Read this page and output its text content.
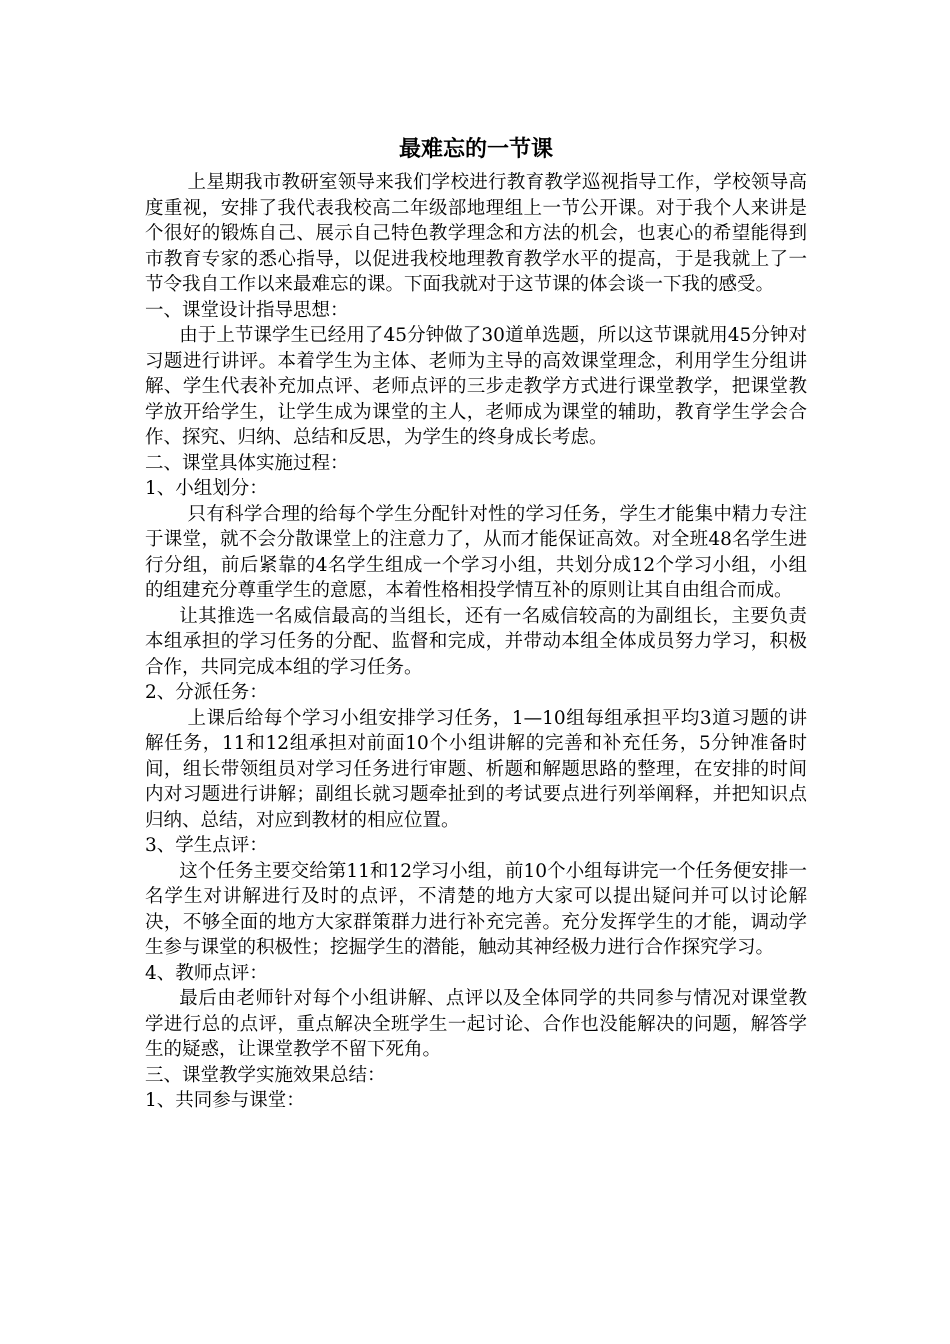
最难忘的一节课

上星期我市教研室领导来我们学校进行教育教学巡视指导工作，学校领导高度重视，安排了我代表我校高二年级部地理组上一节公开课。对于我个人来讲是个很好的锻炼自己、展示自己特色教学理念和方法的机会，也衷心的希望能得到市教育专家的悉心指导，以促进我校地理教育教学水平的提高，于是我就上了一节令我自工作以来最难忘的课。下面我就对于这节课的体会谈一下我的感受。

一、课堂设计指导思想：

由于上节课学生已经用了45分钟做了30道单选题，所以这节课就用45分钟对习题进行讲评。本着学生为主体、老师为主导的高效课堂理念，利用学生分组讲解、学生代表补充加点评、老师点评的三步走教学方式进行课堂教学，把课堂教学放开给学生，让学生成为课堂的主人，老师成为课堂的辅助，教育学生学会合作、探究、归纳、总结和反思，为学生的终身成长考虑。

二、课堂具体实施过程：

1、小组划分：

只有科学合理的给每个学生分配针对性的学习任务，学生才能集中精力专注于课堂，就不会分散课堂上的注意力了，从而才能保证高效。对全班48名学生进行分组，前后紧靠的4名学生组成一个学习小组，共划分成12个学习小组，小组的组建充分尊重学生的意愿，本着性格相投学情互补的原则让其自由组合而成。

让其推选一名威信最高的当组长，还有一名威信较高的为副组长，主要负责本组承担的学习任务的分配、监督和完成，并带动本组全体成员努力学习，积极合作，共同完成本组的学习任务。

2、分派任务：

上课后给每个学习小组安排学习任务，1—10组每组承担平均3道习题的讲解任务，11和12组承担对前面10个小组讲解的完善和补充任务，5分钟准备时间，组长带领组员对学习任务进行审题、析题和解题思路的整理，在安排的时间内对习题进行讲解；副组长就习题牵扯到的考试要点进行列举阐释，并把知识点归纳、总结，对应到教材的相应位置。

3、学生点评：

这个任务主要交给第11和12学习小组，前10个小组每讲完一个任务便安排一名学生对讲解进行及时的点评，不清楚的地方大家可以提出疑问并可以讨论解决，不够全面的地方大家群策群力进行补充完善。充分发挥学生的才能，调动学生参与课堂的积极性；挖掘学生的潜能，触动其神经极力进行合作探究学习。

4、教师点评：

最后由老师针对每个小组讲解、点评以及全体同学的共同参与情况对课堂教学进行总的点评，重点解决全班学生一起讨论、合作也没能解决的问题，解答学生的疑惑，让课堂教学不留下死角。

三、课堂教学实施效果总结：

1、共同参与课堂：
